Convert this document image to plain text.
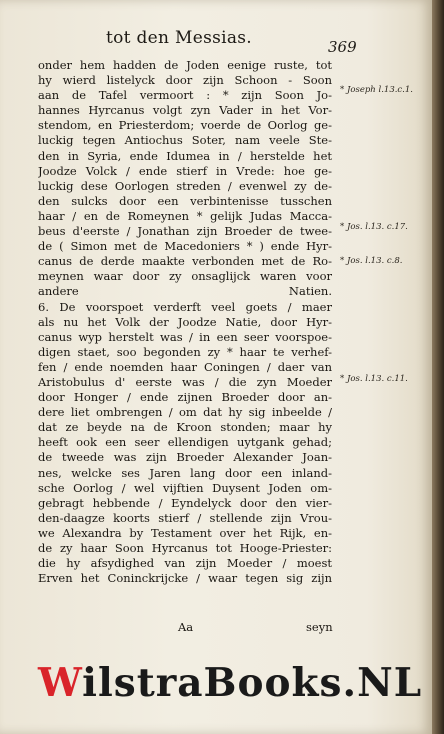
tot den Messias.	369
onder hem hadden de Joden eenige ruste, tot
hy wierd listelyck door zijn Schoon - Soon
aan de Tafel vermoort : * zijn Soon Jo-
hannes Hyrcanus volgt zyn Vader in het Vor-
stendom, en Priesterdom; voerde de Oorlog ge-
luckig tegen Antiochus Soter, nam veele Ste-
den in Syria, ende Idumea in / herstelde het
Joodze Volck / ende stierf in Vrede: hoe ge-
luckig dese Oorlogen streden / evenwel zy de-
den sulcks door een verbintenisse tusschen
haar / en de Romeynen * gelijk Judas Macca-
beus d'eerste / Jonathan zijn Broeder de twee-
de ( Simon met de Macedoniers * ) ende Hyr-
canus de derde maakte verbonden met de Ro-
meynen waar door zy onsaglijck waren voor
andere Natien.
6. De voorspoet verderft veel goets / maer
als nu het Volk der Joodze Natie, door Hyr-
canus wyp herstelt was / in een seer voorspoe-
digen staet, soo begonden zy * haar te verhef-
fen / ende noemden haar Coningen / daer van
Aristobulus d' eerste was / die zyn Moeder
door Honger / ende zijnen Broeder door an-
dere liet ombrengen / om dat hy sig inbeelde /
dat ze beyde na de Kroon stonden; maar hy
heeft ook een seer ellendigen uytgank gehad;
de tweede was zijn Broeder Alexander Joan-
nes, welcke ses Jaren lang door een inland-
sche Oorlog / wel vijftien Duysent Joden om-
gebragt hebbende / Eyndelyck door den vier-
den-daagze koorts stierf / stellende zijn Vrou-
we Alexandra by Testament over het Rijk, en-
de zy haar Soon Hyrcanus tot Hooge-Priester:
die hy afsydighed van zijn Moeder / moest
Erven het Coninckrijcke / waar tegen sig zijn
* Joseph l.13.c.1.
* Jos. l.13. c.17.
* Jos. l.13. c.8.
* Jos. l.13. c.11.
Aa	seyn
WilstraBooks.NL
